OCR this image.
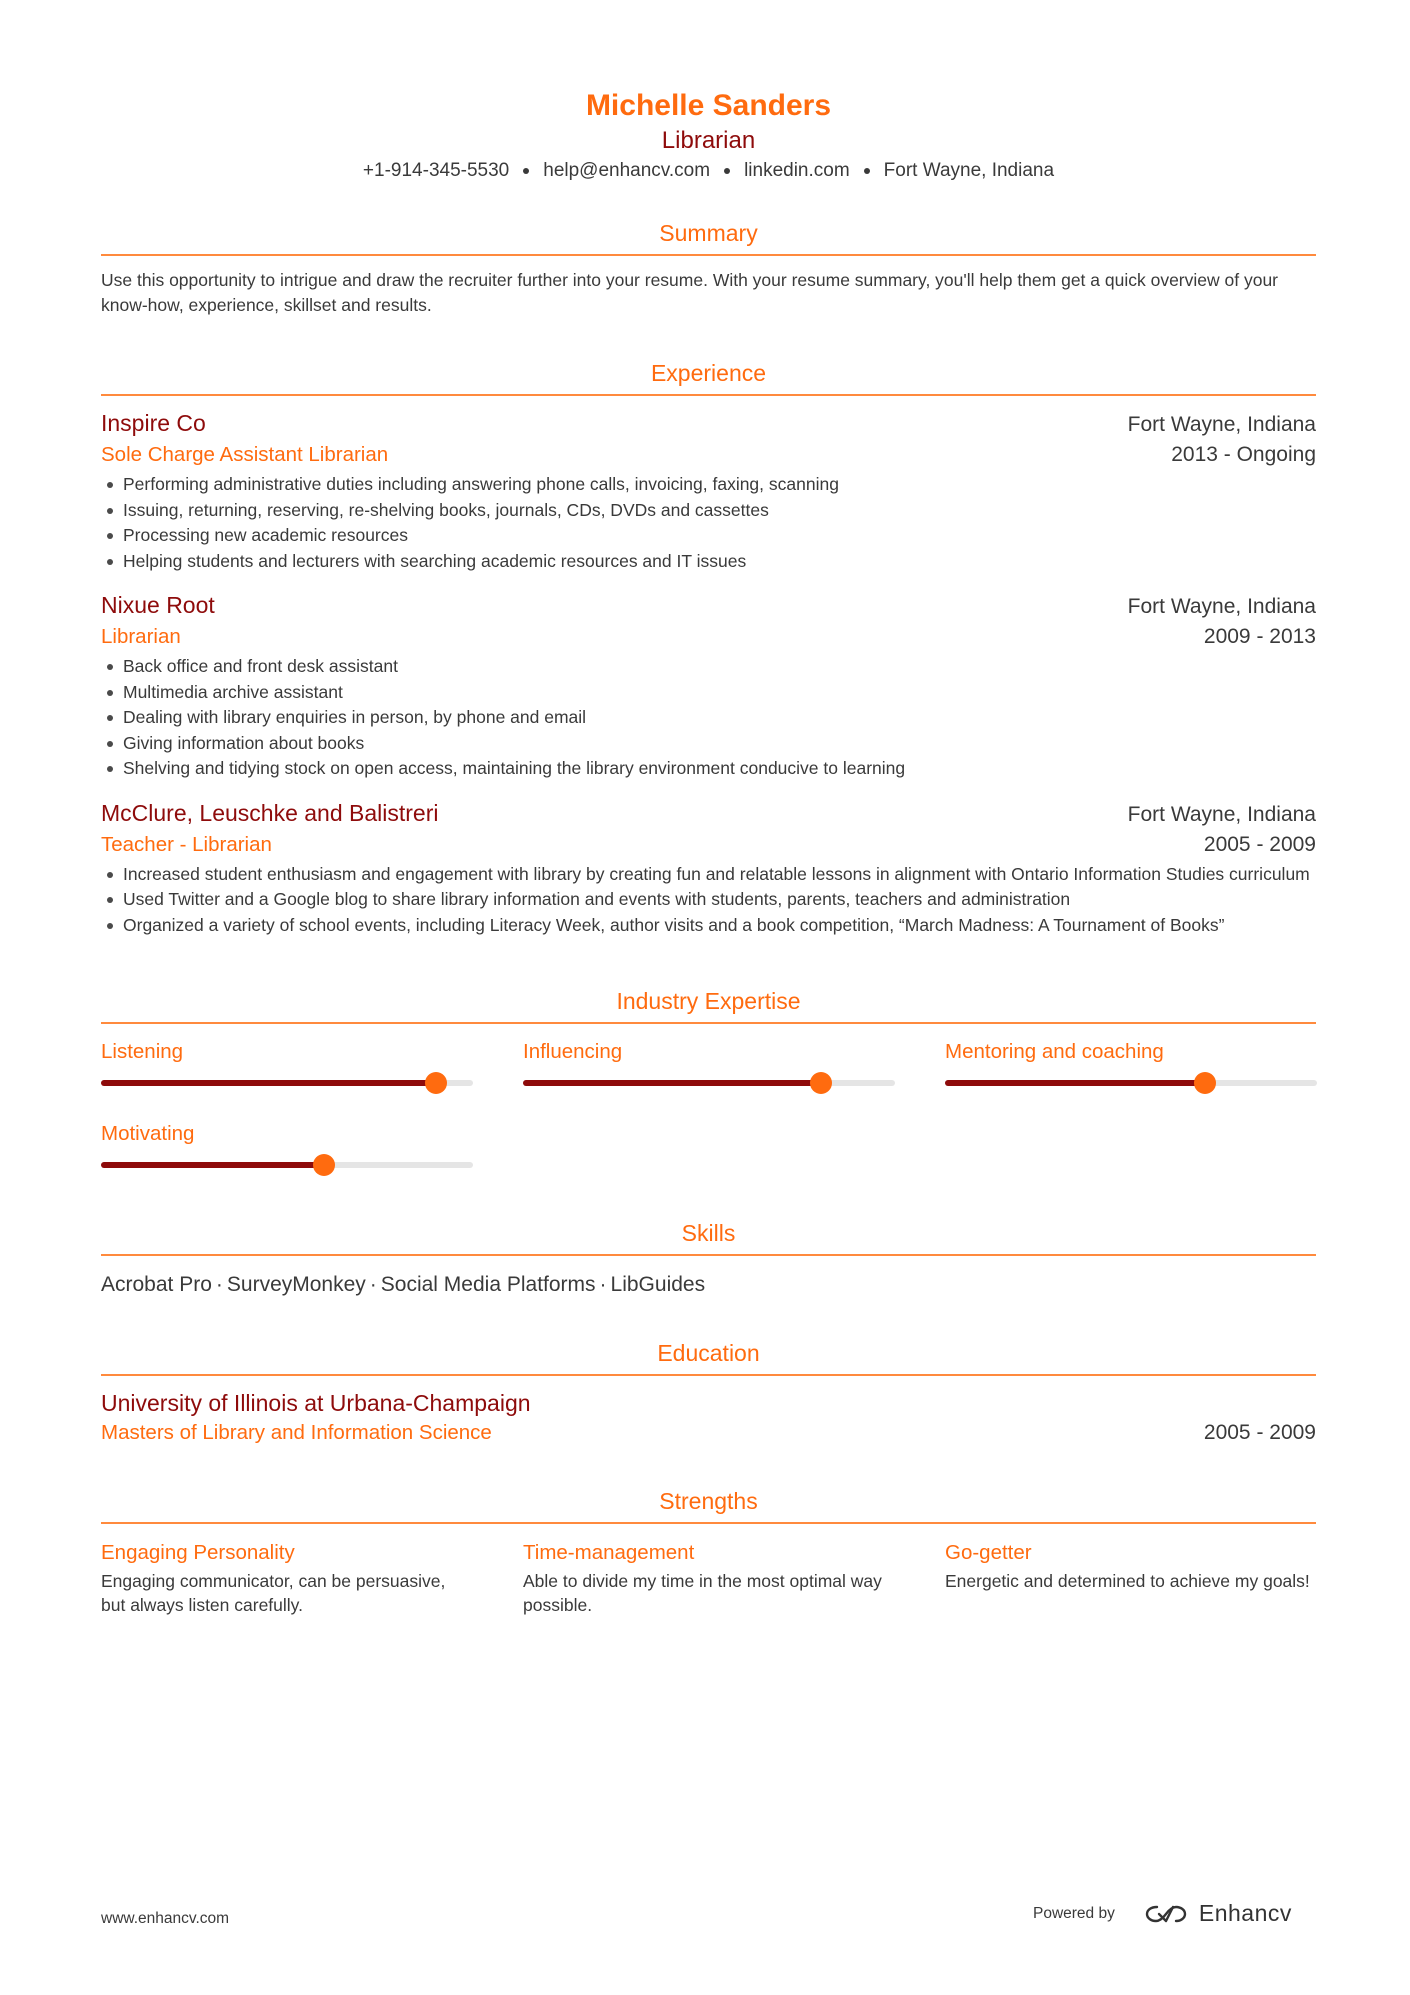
Michelle Sanders
Librarian
+1-914-345-5530 help@enhancv.com linkedin.com Fort Wayne, Indiana
Summary
Use this opportunity to intrigue and draw the recruiter further into your resume. With your resume summary, you'll help them get a quick overview of your know-how, experience, skillset and results.
Experience
Inspire Co	Fort Wayne, Indiana
Sole Charge Assistant Librarian	2013 - Ongoing
Performing administrative duties including answering phone calls, invoicing, faxing, scanning
Issuing, returning, reserving, re-shelving books, journals, CDs, DVDs and cassettes
Processing new academic resources
Helping students and lecturers with searching academic resources and IT issues
Nixue Root	Fort Wayne, Indiana
Librarian	2009 - 2013
Back office and front desk assistant
Multimedia archive assistant
Dealing with library enquiries in person, by phone and email
Giving information about books
Shelving and tidying stock on open access, maintaining the library environment conducive to learning
McClure, Leuschke and Balistreri	Fort Wayne, Indiana
Teacher - Librarian	2005 - 2009
Increased student enthusiasm and engagement with library by creating fun and relatable lessons in alignment with Ontario Information Studies curriculum
Used Twitter and a Google blog to share library information and events with students, parents, teachers and administration
Organized a variety of school events, including Literacy Week, author visits and a book competition, “March Madness: A Tournament of Books”
Industry Expertise
Listening	Influencing	Mentoring and coaching
Motivating
Skills
Acrobat Pro · SurveyMonkey · Social Media Platforms · LibGuides
Education
University of Illinois at Urbana-Champaign
Masters of Library and Information Science	2005 - 2009
Strengths
Engaging Personality
Engaging communicator, can be persuasive, but always listen carefully.
Time-management
Able to divide my time in the most optimal way possible.
Go-getter
Energetic and determined to achieve my goals!
www.enhancv.com	Powered by	Enhancv
